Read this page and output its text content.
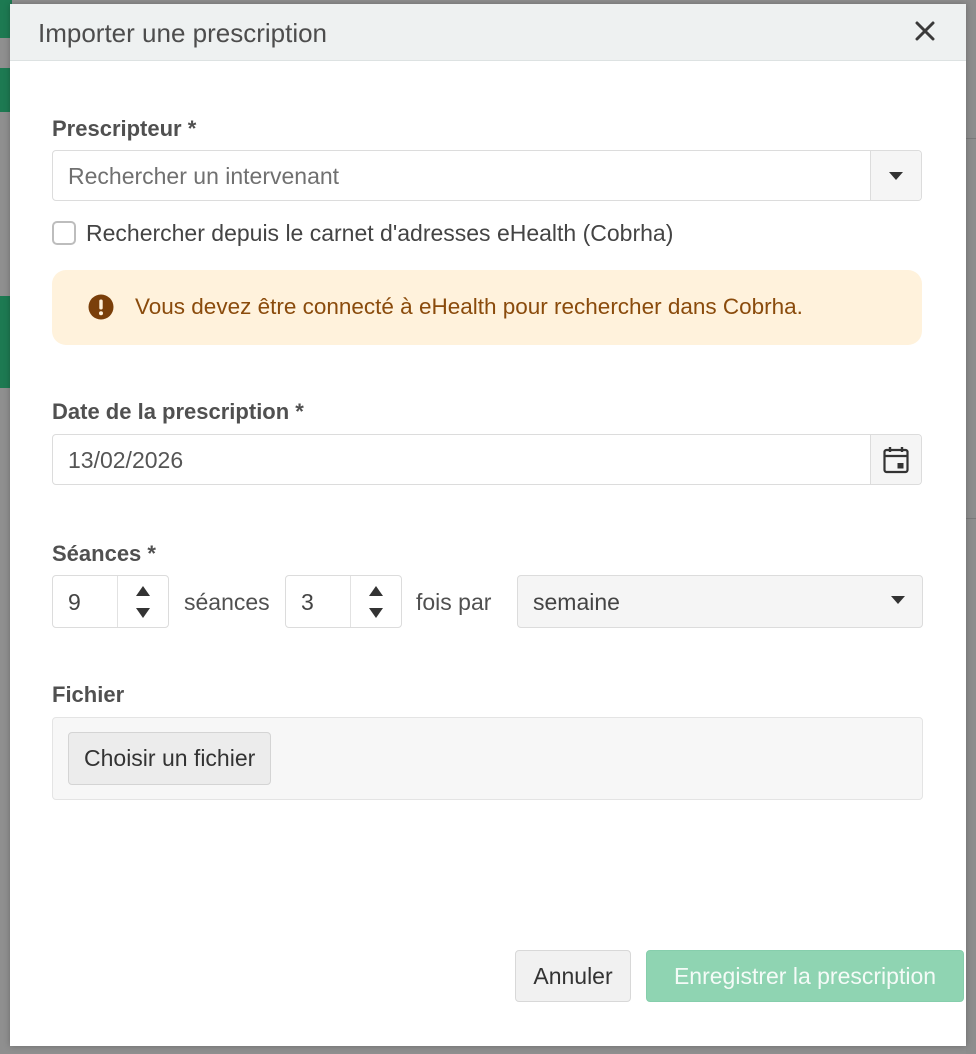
Importer une prescription
Prescripteur *
Rechercher un intervenant
Rechercher depuis le carnet d'adresses eHealth (Cobrha)
Vous devez être connecté à eHealth pour rechercher dans Cobrha.
Date de la prescription *
13/02/2026
Séances *
9	séances 3	fois par semaine
Fichier
Choisir un fichier
Annuler	Enregistrer la prescription
